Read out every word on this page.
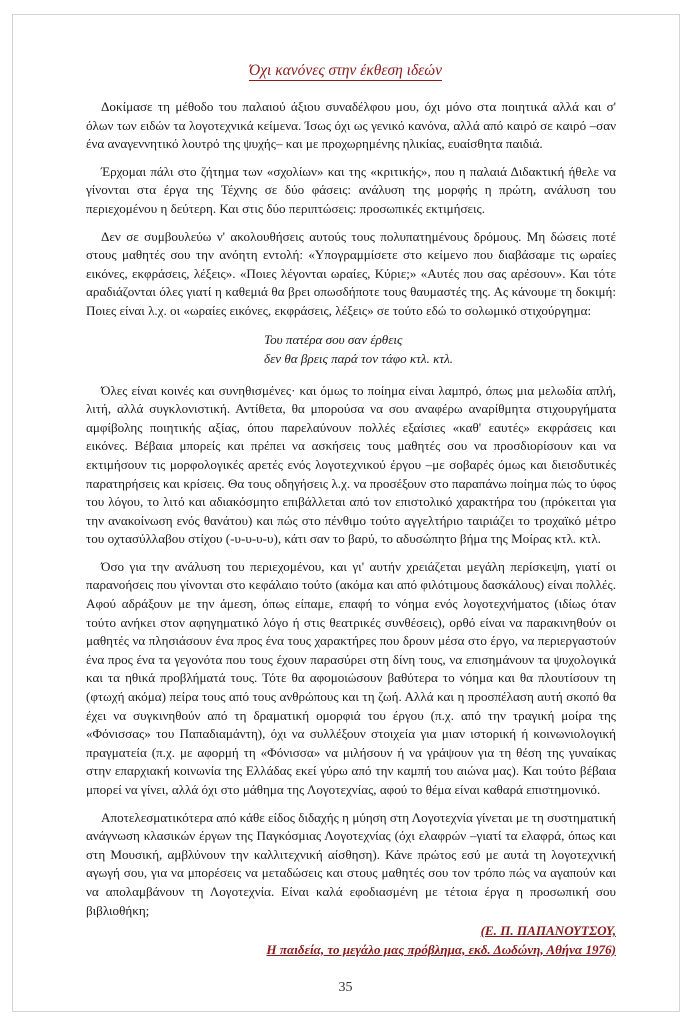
Όχι κανόνες στην έκθεση ιδεών

Δοκίμασε τη μέθοδο του παλαιού άξιου συναδέλφου μου, όχι μόνο στα ποιητικά αλλά και σ' όλων των ειδών τα λογοτεχνικά κείμενα. Ίσως όχι ως γενικό κανόνα, αλλά από καιρό σε καιρό –σαν ένα αναγεννητικό λουτρό της ψυχής– και με προχωρημένης ηλικίας, ευαίσθητα παιδιά.

Έρχομαι πάλι στο ζήτημα των «σχολίων» και της «κριτικής», που η παλαιά Διδακτική ήθελε να γίνονται στα έργα της Τέχνης σε δύο φάσεις: ανάλυση της μορφής η πρώτη, ανάλυση του περιεχομένου η δεύτερη. Και στις δύο περιπτώσεις: προσωπικές εκτιμήσεις.

Δεν σε συμβουλεύω ν' ακολουθήσεις αυτούς τους πολυπατημένους δρόμους. Μη δώσεις ποτέ στους μαθητές σου την ανόητη εντολή: «Υπογραμμίσετε στο κείμενο που διαβάσαμε τις ωραίες εικόνες, εκφράσεις, λέξεις». «Ποιες λέγονται ωραίες, Κύριε;» «Αυτές που σας αρέσουν». Και τότε αραδιάζονται όλες γιατί η καθεμιά θα βρει οπωσδήποτε τους θαυμαστές της. Ας κάνουμε τη δοκιμή: Ποιες είναι λ.χ. οι «ωραίες εικόνες, εκφράσεις, λέξεις» σε τούτο εδώ το σολωμικό στιχούργημα:

Του πατέρα σου σαν έρθεις
δεν θα βρεις παρά τον τάφο κτλ. κτλ.

Όλες είναι κοινές και συνηθισμένες· και όμως το ποίημα είναι λαμπρό, όπως μια μελωδία απλή, λιτή, αλλά συγκλονιστική. Αντίθετα, θα μπορούσα να σου αναφέρω αναρίθμητα στιχουργήματα αμφίβολης ποιητικής αξίας, όπου παρελαύνουν πολλές εξαίσιες «καθ' εαυτές» εκφράσεις και εικόνες. Βέβαια μπορείς και πρέπει να ασκήσεις τους μαθητές σου να προσδιορίσουν και να εκτιμήσουν τις μορφολογικές αρετές ενός λογοτεχνικού έργου –με σοβαρές όμως και διεισδυτικές παρατηρήσεις και κρίσεις. Θα τους οδηγήσεις λ.χ. να προσέξουν στο παραπάνω ποίημα πώς το ύφος του λόγου, το λιτό και αδιακόσμητο επιβάλλεται από τον επιστολικό χαρακτήρα του (πρόκειται για την ανακοίνωση ενός θανάτου) και πώς στο πένθιμο τούτο αγγελτήριο ταιριάζει το τροχαϊκό μέτρο του οχτασύλλαβου στίχου (-υ-υ-υ-υ), κάτι σαν το βαρύ, το αδυσώπητο βήμα της Μοίρας κτλ. κτλ.

Όσο για την ανάλυση του περιεχομένου, και γι' αυτήν χρειάζεται μεγάλη περίσκεψη, γιατί οι παρανοήσεις που γίνονται στο κεφάλαιο τούτο (ακόμα και από φιλότιμους δασκάλους) είναι πολλές. Αφού αδράξουν με την άμεση, όπως είπαμε, επαφή το νόημα ενός λογοτεχνήματος (ιδίως όταν τούτο ανήκει στον αφηγηματικό λόγο ή στις θεατρικές συνθέσεις), ορθό είναι να παρακινηθούν οι μαθητές να πλησιάσουν ένα προς ένα τους χαρακτήρες που δρουν μέσα στο έργο, να περιεργαστούν ένα προς ένα τα γεγονότα που τους έχουν παρασύρει στη δίνη τους, να επισημάνουν τα ψυχολογικά και τα ηθικά προβλήματά τους. Τότε θα αφομοιώσουν βαθύτερα το νόημα και θα πλουτίσουν τη (φτωχή ακόμα) πείρα τους από τους ανθρώπους και τη ζωή. Αλλά και η προσπέλαση αυτή σκοπό θα έχει να συγκινηθούν από τη δραματική ομορφιά του έργου (π.χ. από την τραγική μοίρα της «Φόνισσας» του Παπαδιαμάντη), όχι να συλλέξουν στοιχεία για μιαν ιστορική ή κοινωνιολογική πραγματεία (π.χ. με αφορμή τη «Φόνισσα» να μιλήσουν ή να γράψουν για τη θέση της γυναίκας στην επαρχιακή κοινωνία της Ελλάδας εκεί γύρω από την καμπή του αιώνα μας). Και τούτο βέβαια μπορεί να γίνει, αλλά όχι στο μάθημα της Λογοτεχνίας, αφού το θέμα είναι καθαρά επιστημονικό.

Αποτελεσματικότερα από κάθε είδος διδαχής η μύηση στη Λογοτεχνία γίνεται με τη συστηματική ανάγνωση κλασικών έργων της Παγκόσμιας Λογοτεχνίας (όχι ελαφρών –γιατί τα ελαφρά, όπως και στη Μουσική, αμβλύνουν την καλλιτεχνική αίσθηση). Κάνε πρώτος εσύ με αυτά τη λογοτεχνική αγωγή σου, για να μπορέσεις να μεταδώσεις και στους μαθητές σου τον τρόπο πώς να αγαπούν και να απολαμβάνουν τη Λογοτεχνία. Είναι καλά εφοδιασμένη με τέτοια έργα η προσωπική σου βιβλιοθήκη;

(Ε. Π. ΠΑΠΑΝΟΥΤΣΟΥ,
Η παιδεία, το μεγάλο μας πρόβλημα, εκδ. Δωδώνη, Αθήνα 1976)
35
